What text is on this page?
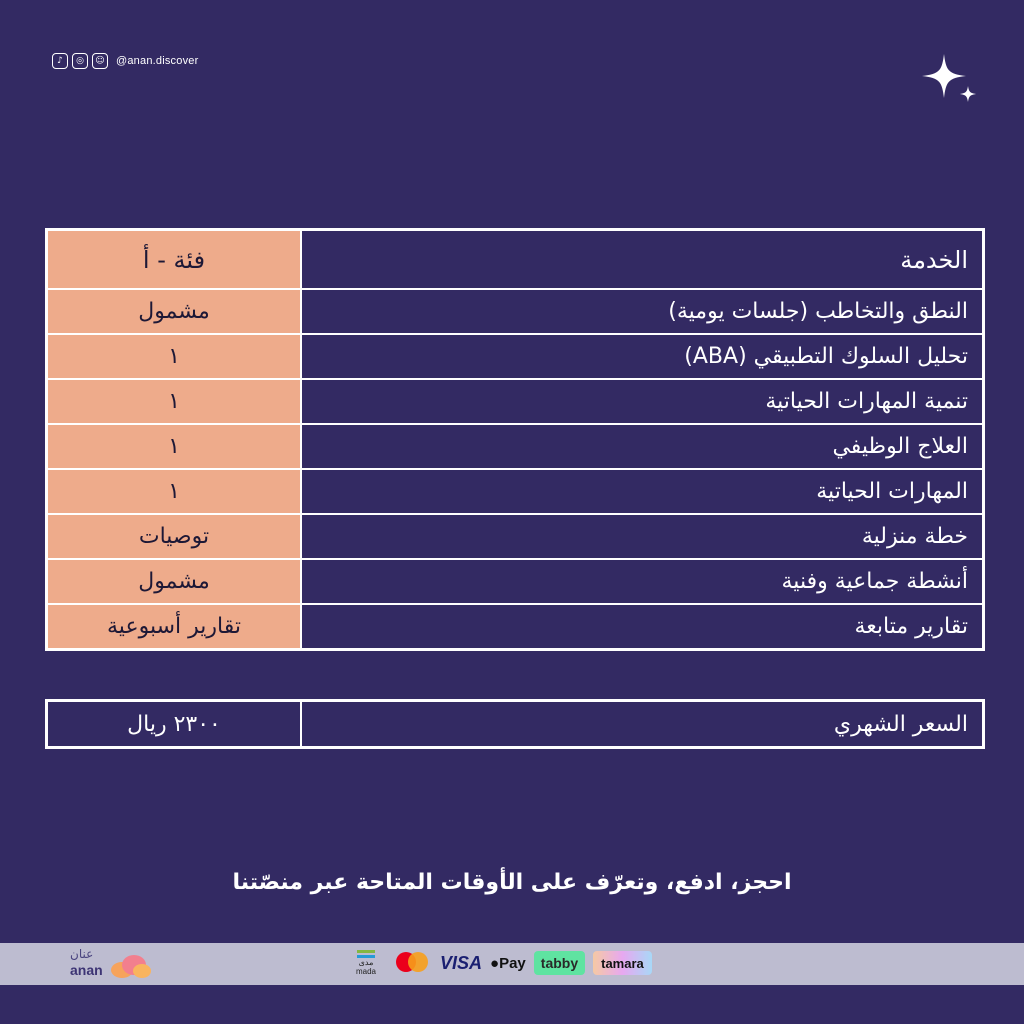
♪	◎	☺	@anan.discover
الخدمة	فئة - أ
النطق والتخاطب (جلسات يومية)	مشمول
تحليل السلوك التطبيقي (ABA)	١
تنمية المهارات الحياتية	١
العلاج الوظيفي	١
المهارات الحياتية	١
خطة منزلية	توصيات
أنشطة جماعية وفنية	مشمول
تقارير متابعة	تقارير أسبوعية
السعر الشهري	٢٣٠٠ ريال
احجز، ادفع، وتعرّف على الأوقات المتاحة عبر منصّتنا
عنان
anan	مدى
mada	VISA ● Pay	tabby	tamara
